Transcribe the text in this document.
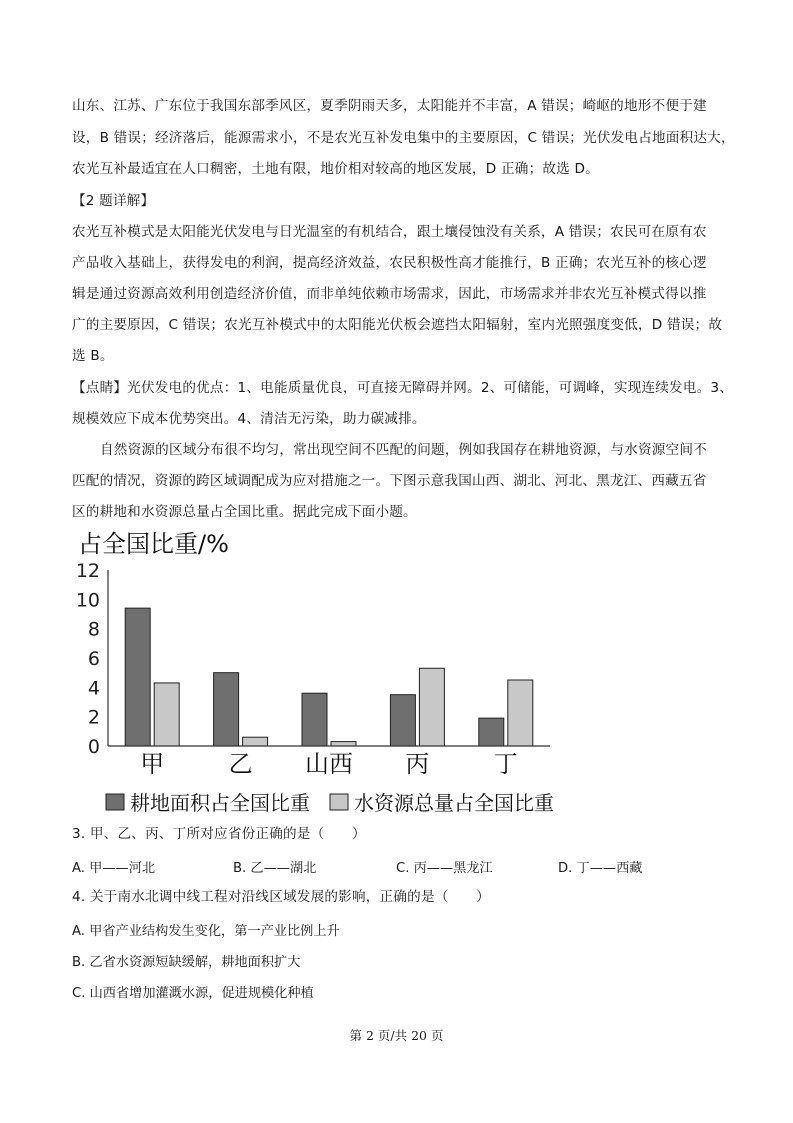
山东、江苏、广东位于我国东部季风区，夏季阴雨天多，太阳能并不丰富，A 错误；崎岖的地形不便于建
设，B 错误；经济落后，能源需求小，不是农光互补发电集中的主要原因，C 错误；光伏发电占地面积达大，
农光互补最适宜在人口稠密，土地有限，地价相对较高的地区发展，D 正确；故选 D。
【2 题详解】
农光互补模式是太阳能光伏发电与日光温室的有机结合，跟土壤侵蚀没有关系，A 错误；农民可在原有农
产品收入基础上，获得发电的利润，提高经济效益，农民积极性高才能推行，B 正确；农光互补的核心逻
辑是通过资源高效利用创造经济价值，而非单纯依赖市场需求，因此，市场需求并非农光互补模式得以推
广的主要原因，C 错误；农光互补模式中的太阳能光伏板会遮挡太阳辐射，室内光照强度变低，D 错误；故
选 B。
【点睛】光伏发电的优点：1、电能质量优良，可直接无障碍并网。2、可储能，可调峰，实现连续发电。3、
规模效应下成本优势突出。4、清洁无污染，助力碳减排。
自然资源的区域分布很不均匀，常出现空间不匹配的问题，例如我国存在耕地资源，与水资源空间不
匹配的情况，资源的跨区域调配成为应对措施之一。下图示意我国山西、湖北、河北、黑龙江、西藏五省
区的耕地和水资源总量占全国比重。据此完成下面小题。
占全国比重/%
0
2
4
6
8
10
12
甲	乙 山西 丙	丁
耕地面积占全国比重 水资源总量占全国比重
3. 甲、乙、丙、丁所对应省份正确的是（　　）
A. 甲——河北	B. 乙——湖北	C. 丙——黑龙江	D. 丁——西藏
4. 关于南水北调中线工程对沿线区域发展的影响，正确的是（　　）
A. 甲省产业结构发生变化，第一产业比例上升
B. 乙省水资源短缺缓解，耕地面积扩大
C. 山西省增加灌溉水源，促进规模化种植
第 2 页/共 20 页
